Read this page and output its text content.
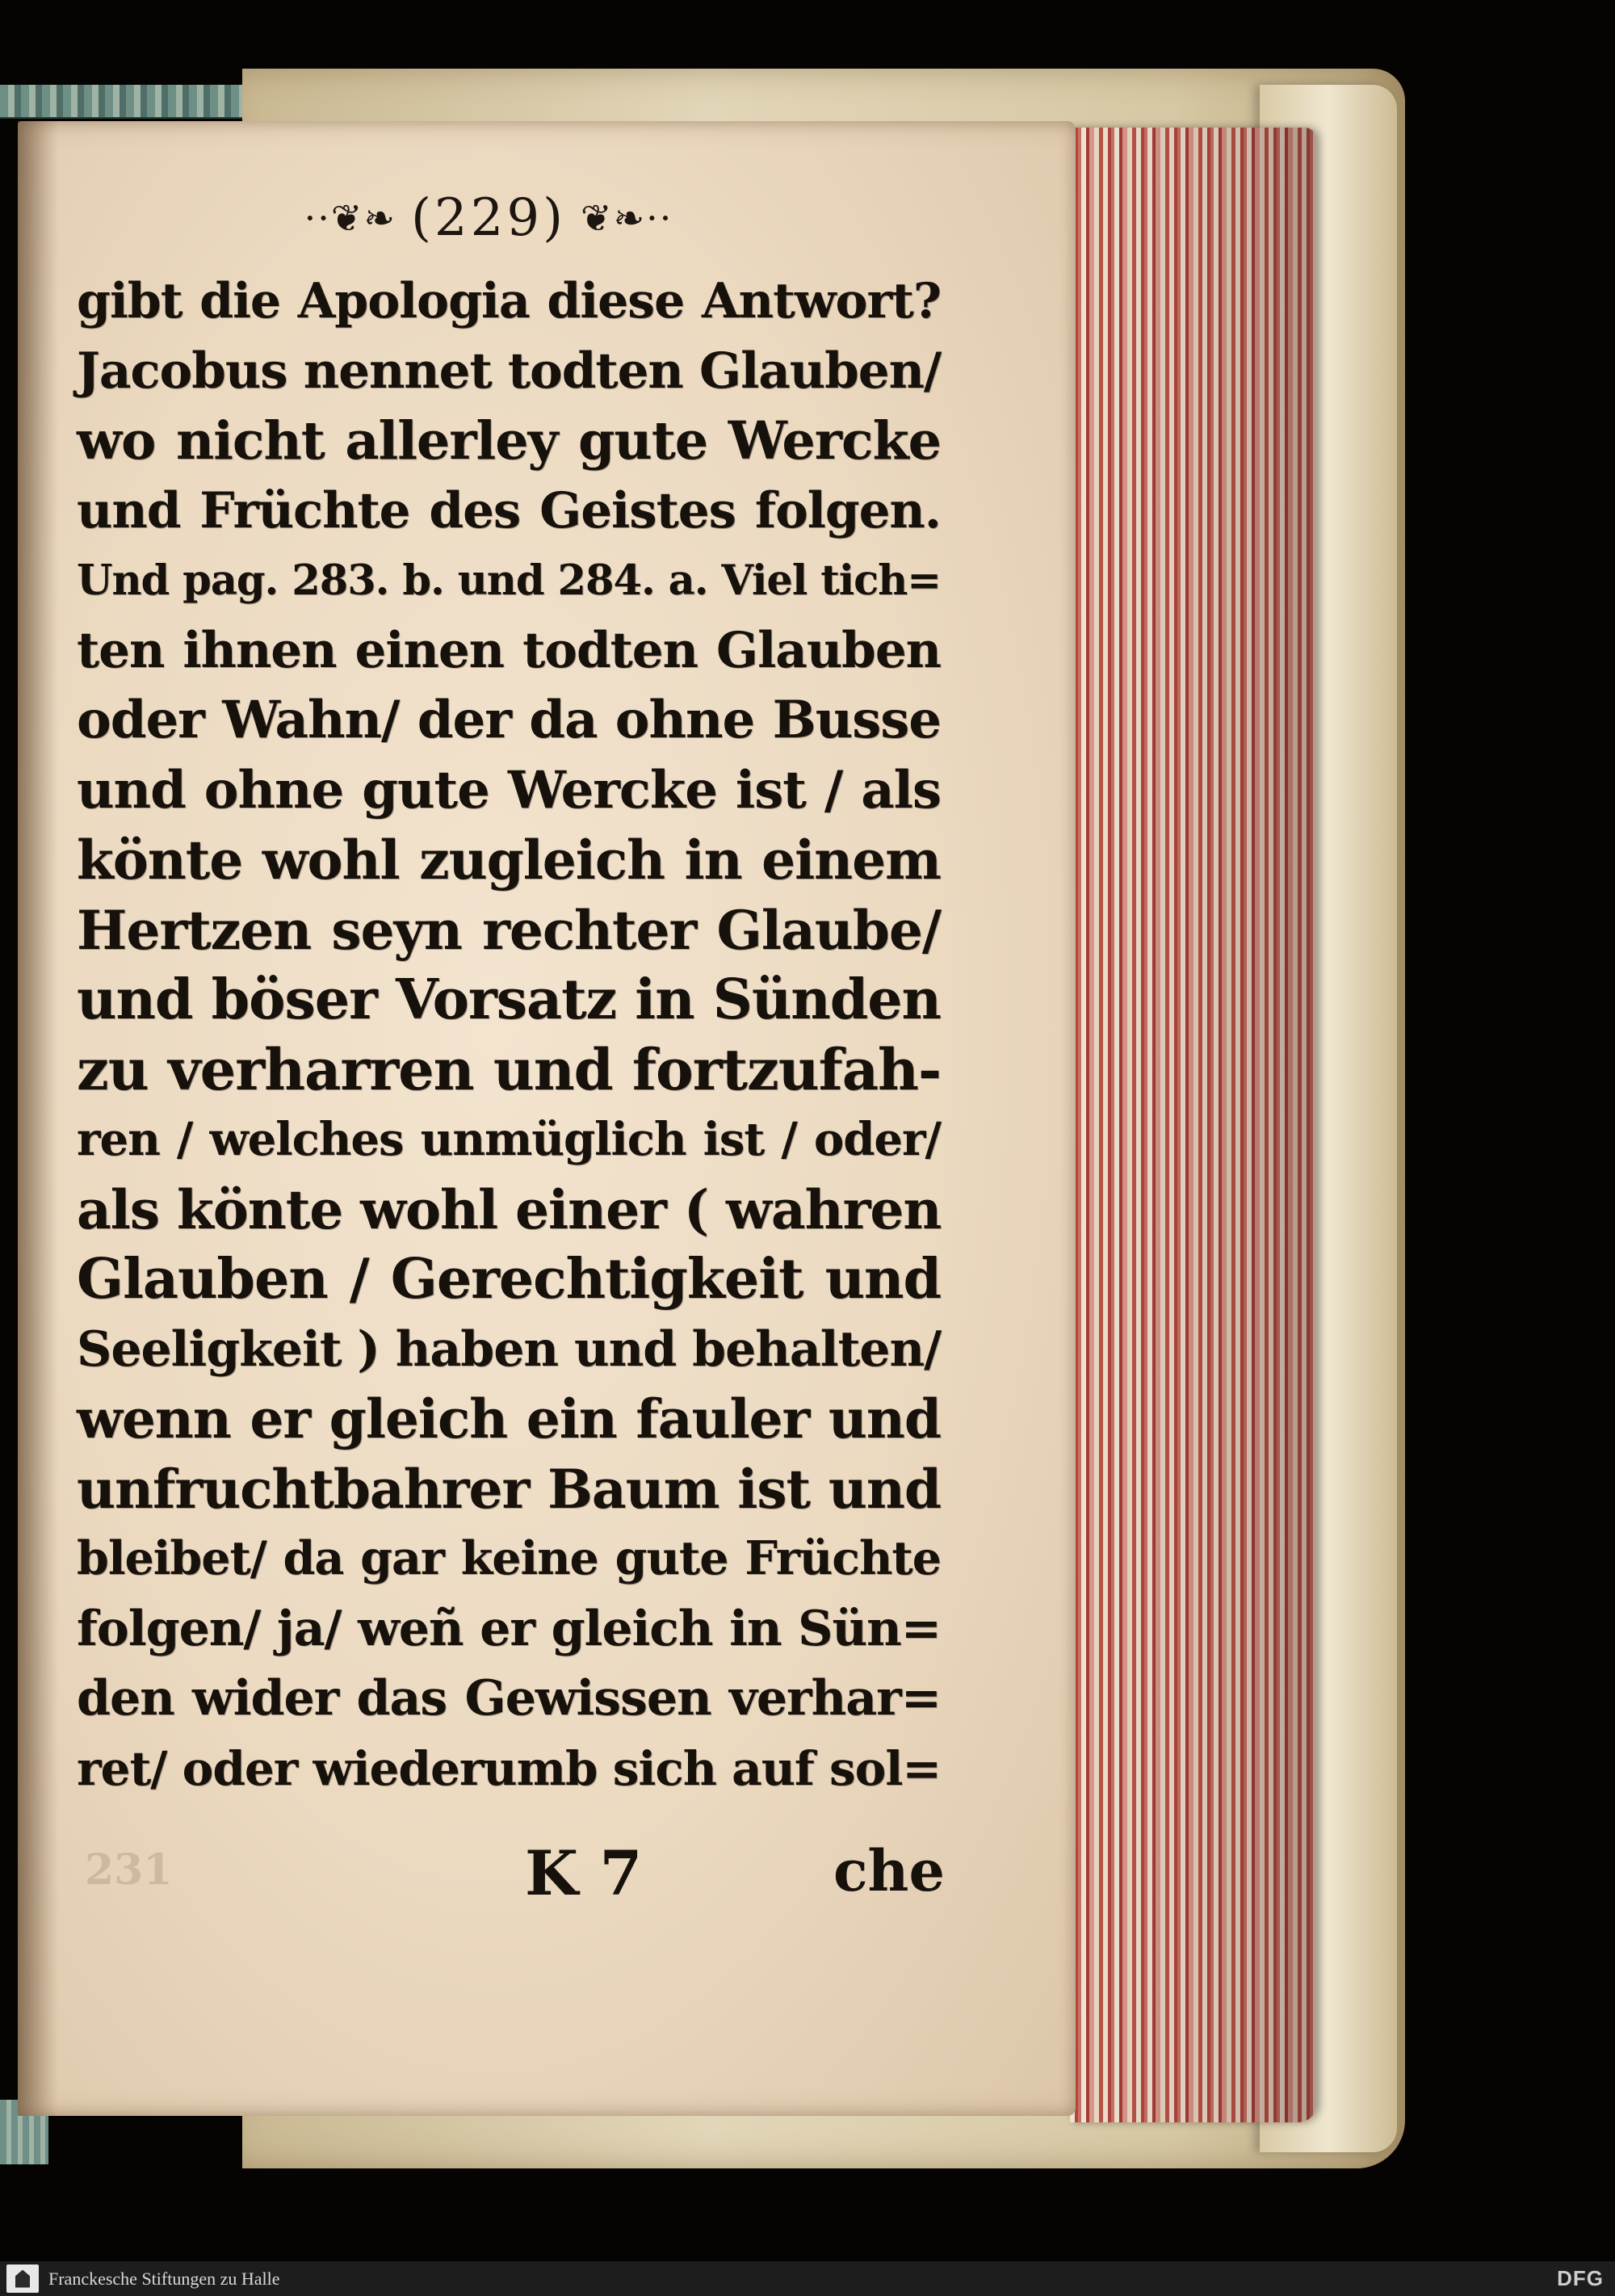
··❦❧ (229) ❦❧··
gibt die Apologia diese Antwort?
Jacobus nennet todten Glauben/
wo nicht allerley gute Wercke
und Früchte des Geistes folgen.
Und pag. 283. b. und 284. a. Viel tich=
ten ihnen einen todten Glauben
oder Wahn/ der da ohne Busse
und ohne gute Wercke ist / als
könte wohl zugleich in einem
Hertzen seyn rechter Glaube/
und böser Vorsatz in Sünden
zu verharren und fortzufah-
ren / welches unmüglich ist / oder/
als könte wohl einer ( wahren
Glauben / Gerechtigkeit und
Seeligkeit ) haben und behalten/
wenn er gleich ein fauler und
unfruchtbahrer Baum ist und
bleibet/ da gar keine gute Früchte
folgen/ ja/ weñ er gleich in Sün=
den wider das Gewissen verhar=
ret/ oder wiederumb sich auf sol=
231	K 7	che
Franckesche Stiftungen zu Halle	DFG
